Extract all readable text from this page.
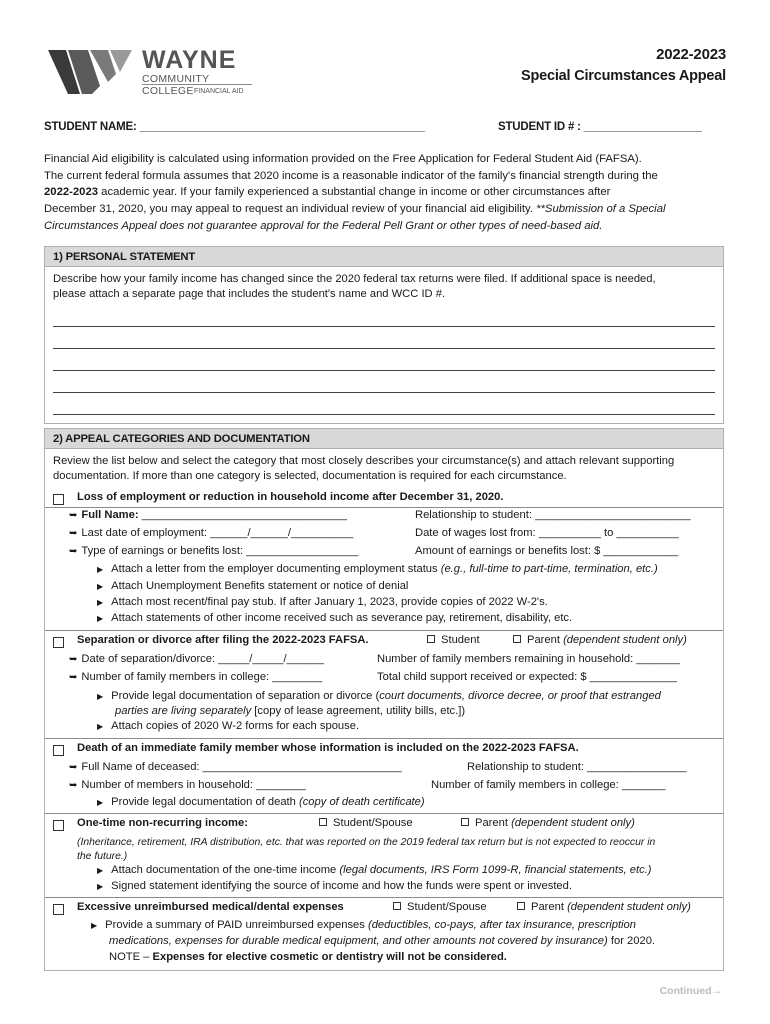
WAYNE
COMMUNITY COLLEGE FINANCIAL AID
2022-2023
Special Circumstances Appeal
STUDENT NAME: ______________________________________________	STUDENT ID # : ___________________
Financial Aid eligibility is calculated using information provided on the Free Application for Federal Student Aid (FAFSA).
The current federal formula assumes that 2020 income is a reasonable indicator of the family's financial strength during the
2022-2023 academic year. If your family experienced a substantial change in income or other circumstances after
December 31, 2020, you may appeal to request an individual review of your financial aid eligibility. **Submission of a Special
Circumstances Appeal does not guarantee approval for the Federal Pell Grant or other types of need-based aid.
1) PERSONAL STATEMENT
Describe how your family income has changed since the 2020 federal tax returns were filed. If additional space is needed,
please attach a separate page that includes the student's name and WCC ID #.
2) APPEAL CATEGORIES AND DOCUMENTATION
Review the list below and select the category that most closely describes your circumstance(s) and attach relevant supporting
documentation. If more than one category is selected, documentation is required for each circumstance.
Loss of employment or reduction in household income after December 31, 2020.
➥ Full Name: _________________________________	Relationship to student: _________________________
➥ Last date of employment: ______/______/__________	Date of wages lost from: __________ to __________
➥ Type of earnings or benefits lost: __________________	Amount of earnings or benefits lost: $ ____________
▶ Attach a letter from the employer documenting employment status (e.g., full-time to part-time, termination, etc.)
▶ Attach Unemployment Benefits statement or notice of denial
▶ Attach most recent/final pay stub. If after January 1, 2023, provide copies of 2022 W-2's.
▶ Attach statements of other income received such as severance pay, retirement, disability, etc.
Separation or divorce after filing the 2022-2023 FAFSA.	Student	Parent (dependent student only)
➥ Date of separation/divorce: _____/_____/______	Number of family members remaining in household: _______
➥ Number of family members in college: ________	Total child support received or expected: $ ______________
▶ Provide legal documentation of separation or divorce (court documents, divorce decree, or proof that estranged
parties are living separately [copy of lease agreement, utility bills, etc.])
▶ Attach copies of 2020 W-2 forms for each spouse.
Death of an immediate family member whose information is included on the 2022-2023 FAFSA.
➥ Full Name of deceased: ________________________________	Relationship to student: ________________
➥ Number of members in household: ________	Number of family members in college: _______
▶ Provide legal documentation of death (copy of death certificate)
One-time non-recurring income:	Student/Spouse	Parent (dependent student only)
(Inheritance, retirement, IRA distribution, etc. that was reported on the 2019 federal tax return but is not expected to reoccur in
the future.)
▶ Attach documentation of the one-time income (legal documents, IRS Form 1099-R, financial statements, etc.)
▶ Signed statement identifying the source of income and how the funds were spent or invested.
Excessive unreimbursed medical/dental expenses	Student/Spouse	Parent (dependent student only)
▶ Provide a summary of PAID unreimbursed expenses (deductibles, co-pays, after tax insurance, prescription
medications, expenses for durable medical equipment, and other amounts not covered by insurance) for 2020.
NOTE – Expenses for elective cosmetic or dentistry will not be considered.
Continued→
